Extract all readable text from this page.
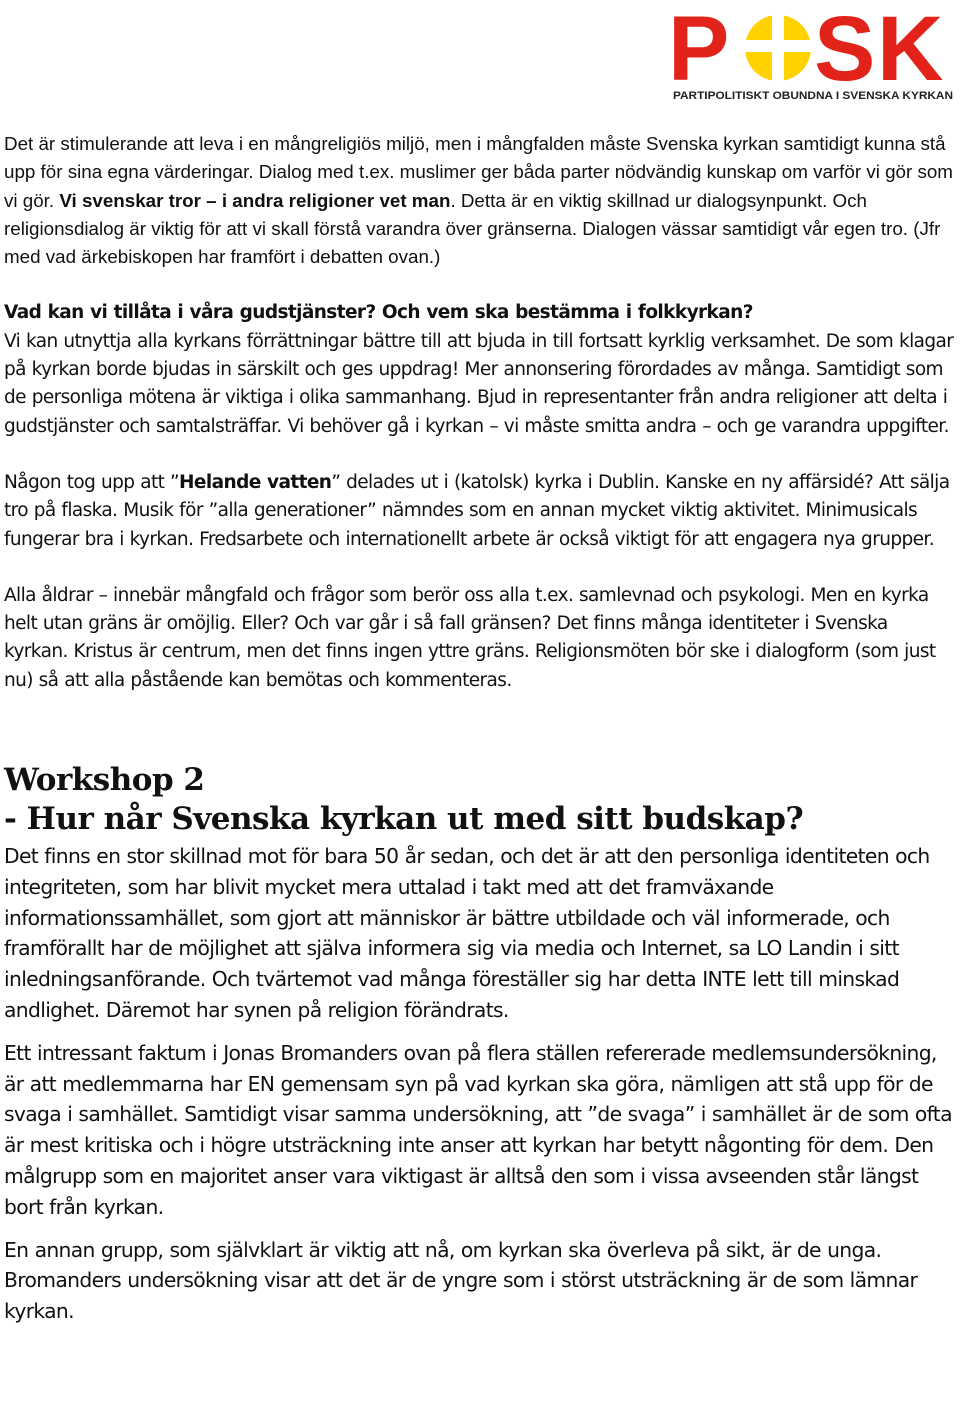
P S K
PARTIPOLITISKT OBUNDNA I SVENSKA KYRKAN

Det är stimulerande att leva i en mångreligiös miljö, men i mångfalden måste Svenska kyrkan samtidigt kunna stå upp för sina egna värderingar. Dialog med t.ex. muslimer ger båda parter nödvändig kunskap om varför vi gör som vi gör. Vi svenskar tror – i andra religioner vet man. Detta är en viktig skillnad ur dialogsynpunkt. Och religionsdialog är viktig för att vi skall förstå varandra över gränserna. Dialogen vässar samtidigt vår egen tro. (Jfr med vad ärkebiskopen har framfört i debatten ovan.)

Vad kan vi tillåta i våra gudstjänster? Och vem ska bestämma i folkkyrkan?

Vi kan utnyttja alla kyrkans förrättningar bättre till att bjuda in till fortsatt kyrklig verksamhet. De som klagar på kyrkan borde bjudas in särskilt och ges uppdrag! Mer annonsering förordades av många. Samtidigt som de personliga mötena är viktiga i olika sammanhang. Bjud in representanter från andra religioner att delta i gudstjänster och samtalsträffar. Vi behöver gå i kyrkan – vi måste smitta andra – och ge varandra uppgifter.

Någon tog upp att ”Helande vatten” delades ut i (katolsk) kyrka i Dublin. Kanske en ny affärsidé? Att sälja tro på flaska. Musik för ”alla generationer” nämndes som en annan mycket viktig aktivitet. Minimusicals fungerar bra i kyrkan. Fredsarbete och internationellt arbete är också viktigt för att engagera nya grupper.

Alla åldrar – innebär mångfald och frågor som berör oss alla t.ex. samlevnad och psykologi. Men en kyrka helt utan gräns är omöjlig. Eller? Och var går i så fall gränsen? Det finns många identiteter i Svenska kyrkan. Kristus är centrum, men det finns ingen yttre gräns. Religionsmöten bör ske i dialogform (som just nu) så att alla påstående kan bemötas och kommenteras.

Workshop 2
- Hur når Svenska kyrkan ut med sitt budskap?

Det finns en stor skillnad mot för bara 50 år sedan, och det är att den personliga identiteten och integriteten, som har blivit mycket mera uttalad i takt med att det framväxande informationssamhället, som gjort att människor är bättre utbildade och väl informerade, och framförallt har de möjlighet att själva informera sig via media och Internet, sa LO Landin i sitt inledningsanförande. Och tvärtemot vad många föreställer sig har detta INTE lett till minskad andlighet. Däremot har synen på religion förändrats.

Ett intressant faktum i Jonas Bromanders ovan på flera ställen refererade medlemsundersökning, är att medlemmarna har EN gemensam syn på vad kyrkan ska göra, nämligen att stå upp för de svaga i samhället. Samtidigt visar samma undersökning, att ”de svaga” i samhället är de som ofta är mest kritiska och i högre utsträckning inte anser att kyrkan har betytt någonting för dem. Den målgrupp som en majoritet anser vara viktigast är alltså den som i vissa avseenden står längst bort från kyrkan.

En annan grupp, som självklart är viktig att nå, om kyrkan ska överleva på sikt, är de unga. Bromanders undersökning visar att det är de yngre som i störst utsträckning är de som lämnar kyrkan.
